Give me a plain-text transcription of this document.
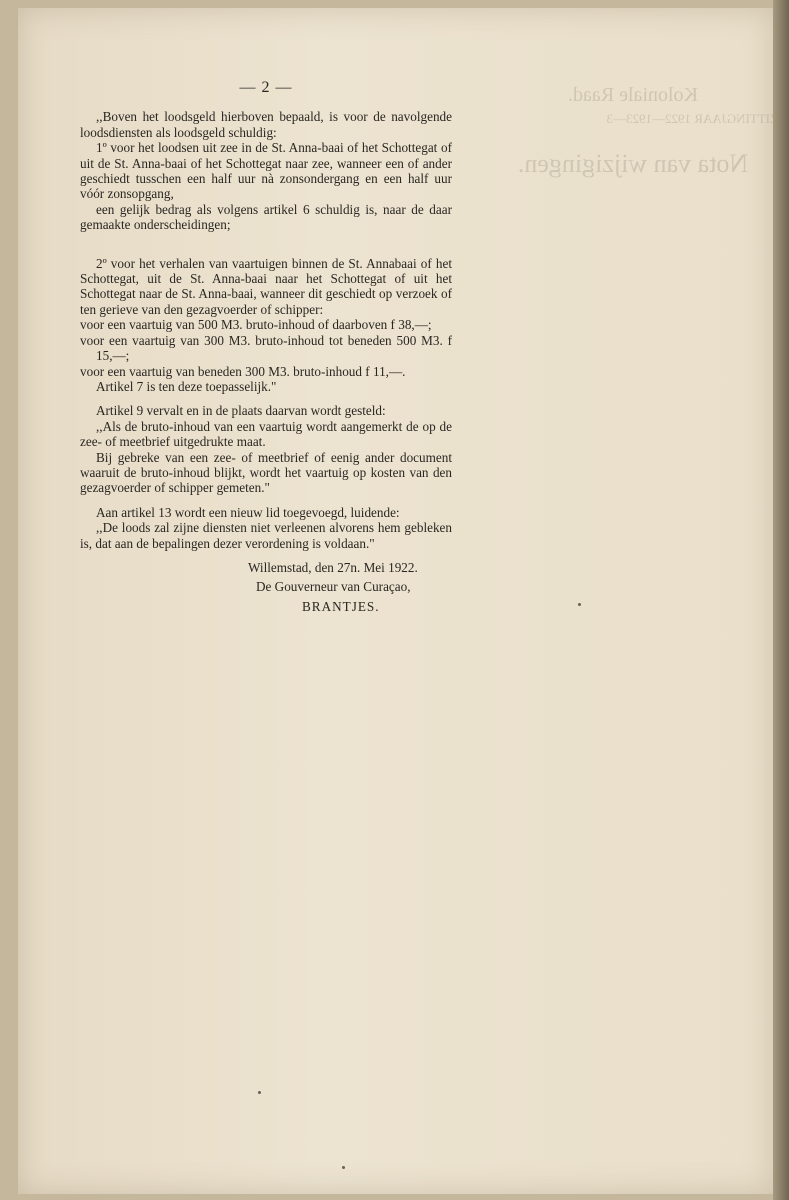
Koloniale Raad.
ZITTINGJAAR 1922—1923—3
Nota van wijzigingen.
— 2 —

,,Boven het loodsgeld hierboven bepaald, is voor de navolgende loodsdiensten als loodsgeld schuldig:

1º voor het loodsen uit zee in de St. Anna-baai of het Schottegat of uit de St. Anna-baai of het Schottegat naar zee, wanneer een of ander geschiedt tusschen een half uur nà zonsondergang en een half uur vóór zonsopgang,

een gelijk bedrag als volgens artikel 6 schuldig is, naar de daar gemaakte onderscheidingen;

2º voor het verhalen van vaartuigen binnen de St. Annabaai of het Schottegat, uit de St. Anna-baai naar het Schottegat of uit het Schottegat naar de St. Anna-baai, wanneer dit geschiedt op verzoek of ten gerieve van den gezagvoerder of schipper:

voor een vaartuig van 500 M3. bruto-inhoud of daarboven f 38,—;

voor een vaartuig van 300 M3. bruto-inhoud tot beneden 500 M3. f 15,—;

voor een vaartuig van beneden 300 M3. bruto-inhoud f 11,—.

Artikel 7 is ten deze toepasselijk."

Artikel 9 vervalt en in de plaats daarvan wordt gesteld:

,,Als de bruto-inhoud van een vaartuig wordt aangemerkt de op de zee- of meetbrief uitgedrukte maat.

Bij gebreke van een zee- of meetbrief of eenig ander document waaruit de bruto-inhoud blijkt, wordt het vaartuig op kosten van den gezagvoerder of schipper gemeten."

Aan artikel 13 wordt een nieuw lid toegevoegd, luidende:

,,De loods zal zijne diensten niet verleenen alvorens hem gebleken is, dat aan de bepalingen dezer verordening is voldaan."

Willemstad, den 27n. Mei 1922.

De Gouverneur van Curaçao,

BRANTJES.
